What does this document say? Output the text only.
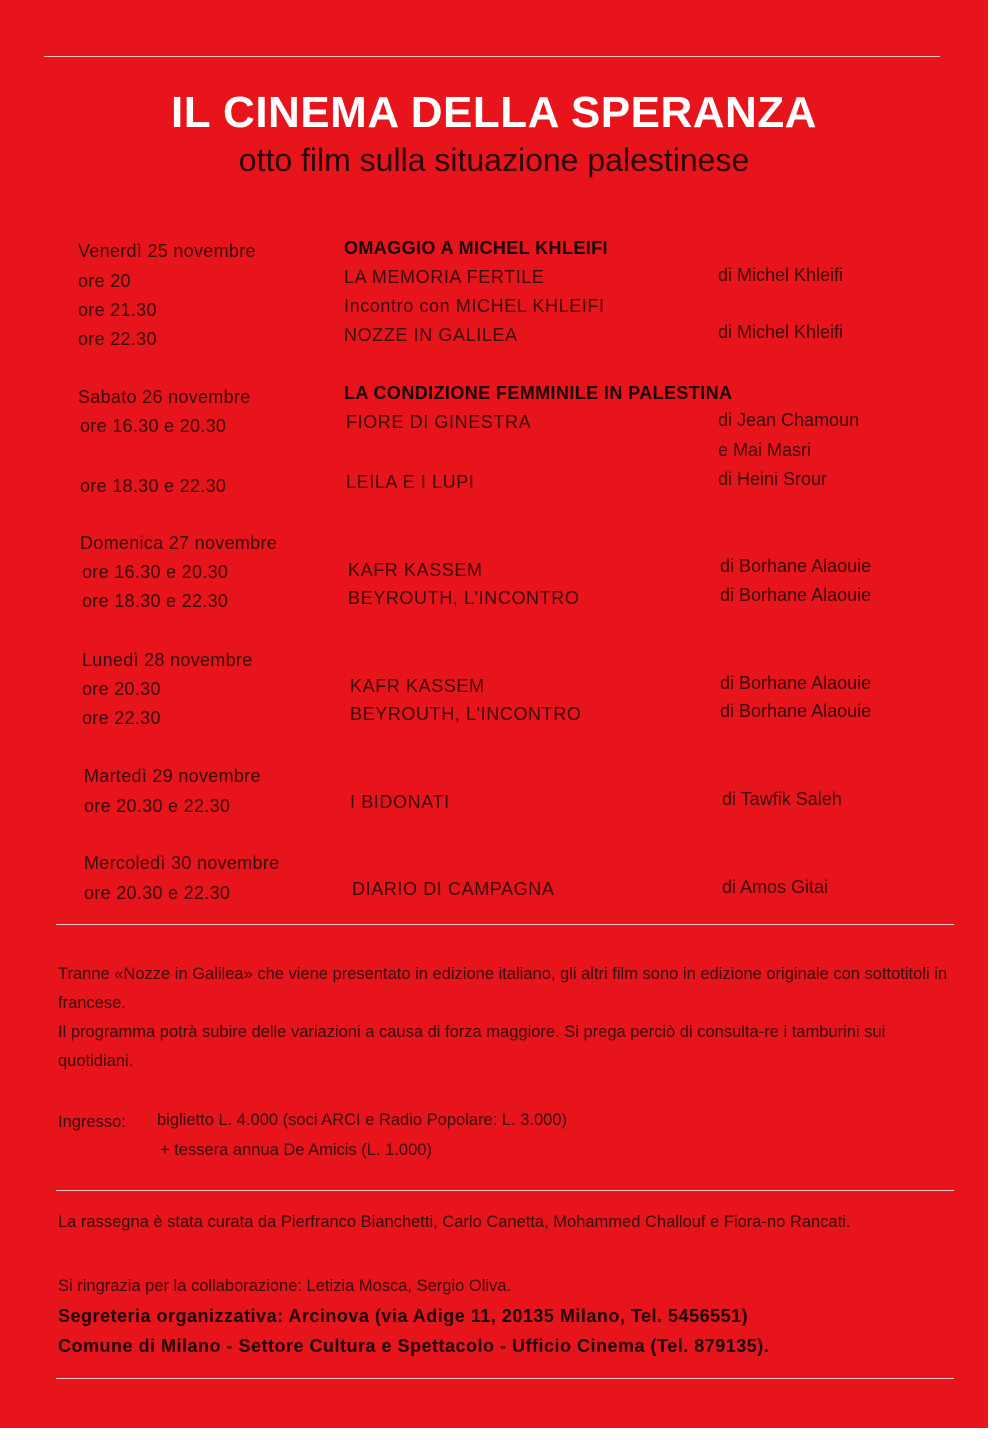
IL CINEMA DELLA SPERANZA
otto film sulla situazione palestinese
Venerdì 25 novembre
Sabato 26 novembre
Domenica 27 novembre
Lunedì 28 novembre
Martedì 29 novembre
Mercoledì 30 novembre
OMAGGIO A MICHEL KHLEIFI
LA CONDIZIONE FEMMINILE IN PALESTINA
ore 20
ore 21.30
ore 22.30
ore 16.30 e 20.30
ore 18.30 e 22.30
ore 16.30 e 20.30
ore 18.30 e 22.30
ore 20.30
ore 22.30
ore 20.30 e 22.30
ore 20.30 e 22.30
LA MEMORIA FERTILE
Incontro con MICHEL KHLEIFI
NOZZE IN GALILEA
FIORE DI GINESTRA
LEILA E I LUPI
KAFR KASSEM
BEYROUTH, L'INCONTRO
KAFR KASSEM
BEYROUTH, L'INCONTRO
I BIDONATI
DIARIO DI CAMPAGNA
di Michel Khleifi
di Michel Khleifi
di Jean Chamoun
e Mai Masri
di Heini Srour
di Borhane Alaouie
di Borhane Alaouie
di Borhane Alaouie
di Borhane Alaouie
di Tawfik Saleh
di Amos Gitai

Tranne «Nozze in Galilea» che viene presentato in edizione italiano, gli altri film sono in edizione originale con sottotitoli in francese.

Il programma potrà subire delle variazioni a causa di forza maggiore. Si prega perciò di consulta-re i tamburini sui quotidiani.

Ingresso: biglietto L. 4.000 (soci ARCI e Radio Popolare: L. 3.000)
+ tessera annua De Amicis (L. 1.000)
La rassegna è stata curata da Pierfranco Bianchetti, Carlo Canetta, Mohammed Challouf e Fiora-no Rancati.
Si ringrazia per la collaborazione: Letizia Mosca, Sergio Oliva.
Segreteria organizzativa: Arcinova (via Adige 11, 20135 Milano, Tel. 5456551)
Comune di Milano - Settore Cultura e Spettacolo - Ufficio Cinema (Tel. 879135).
